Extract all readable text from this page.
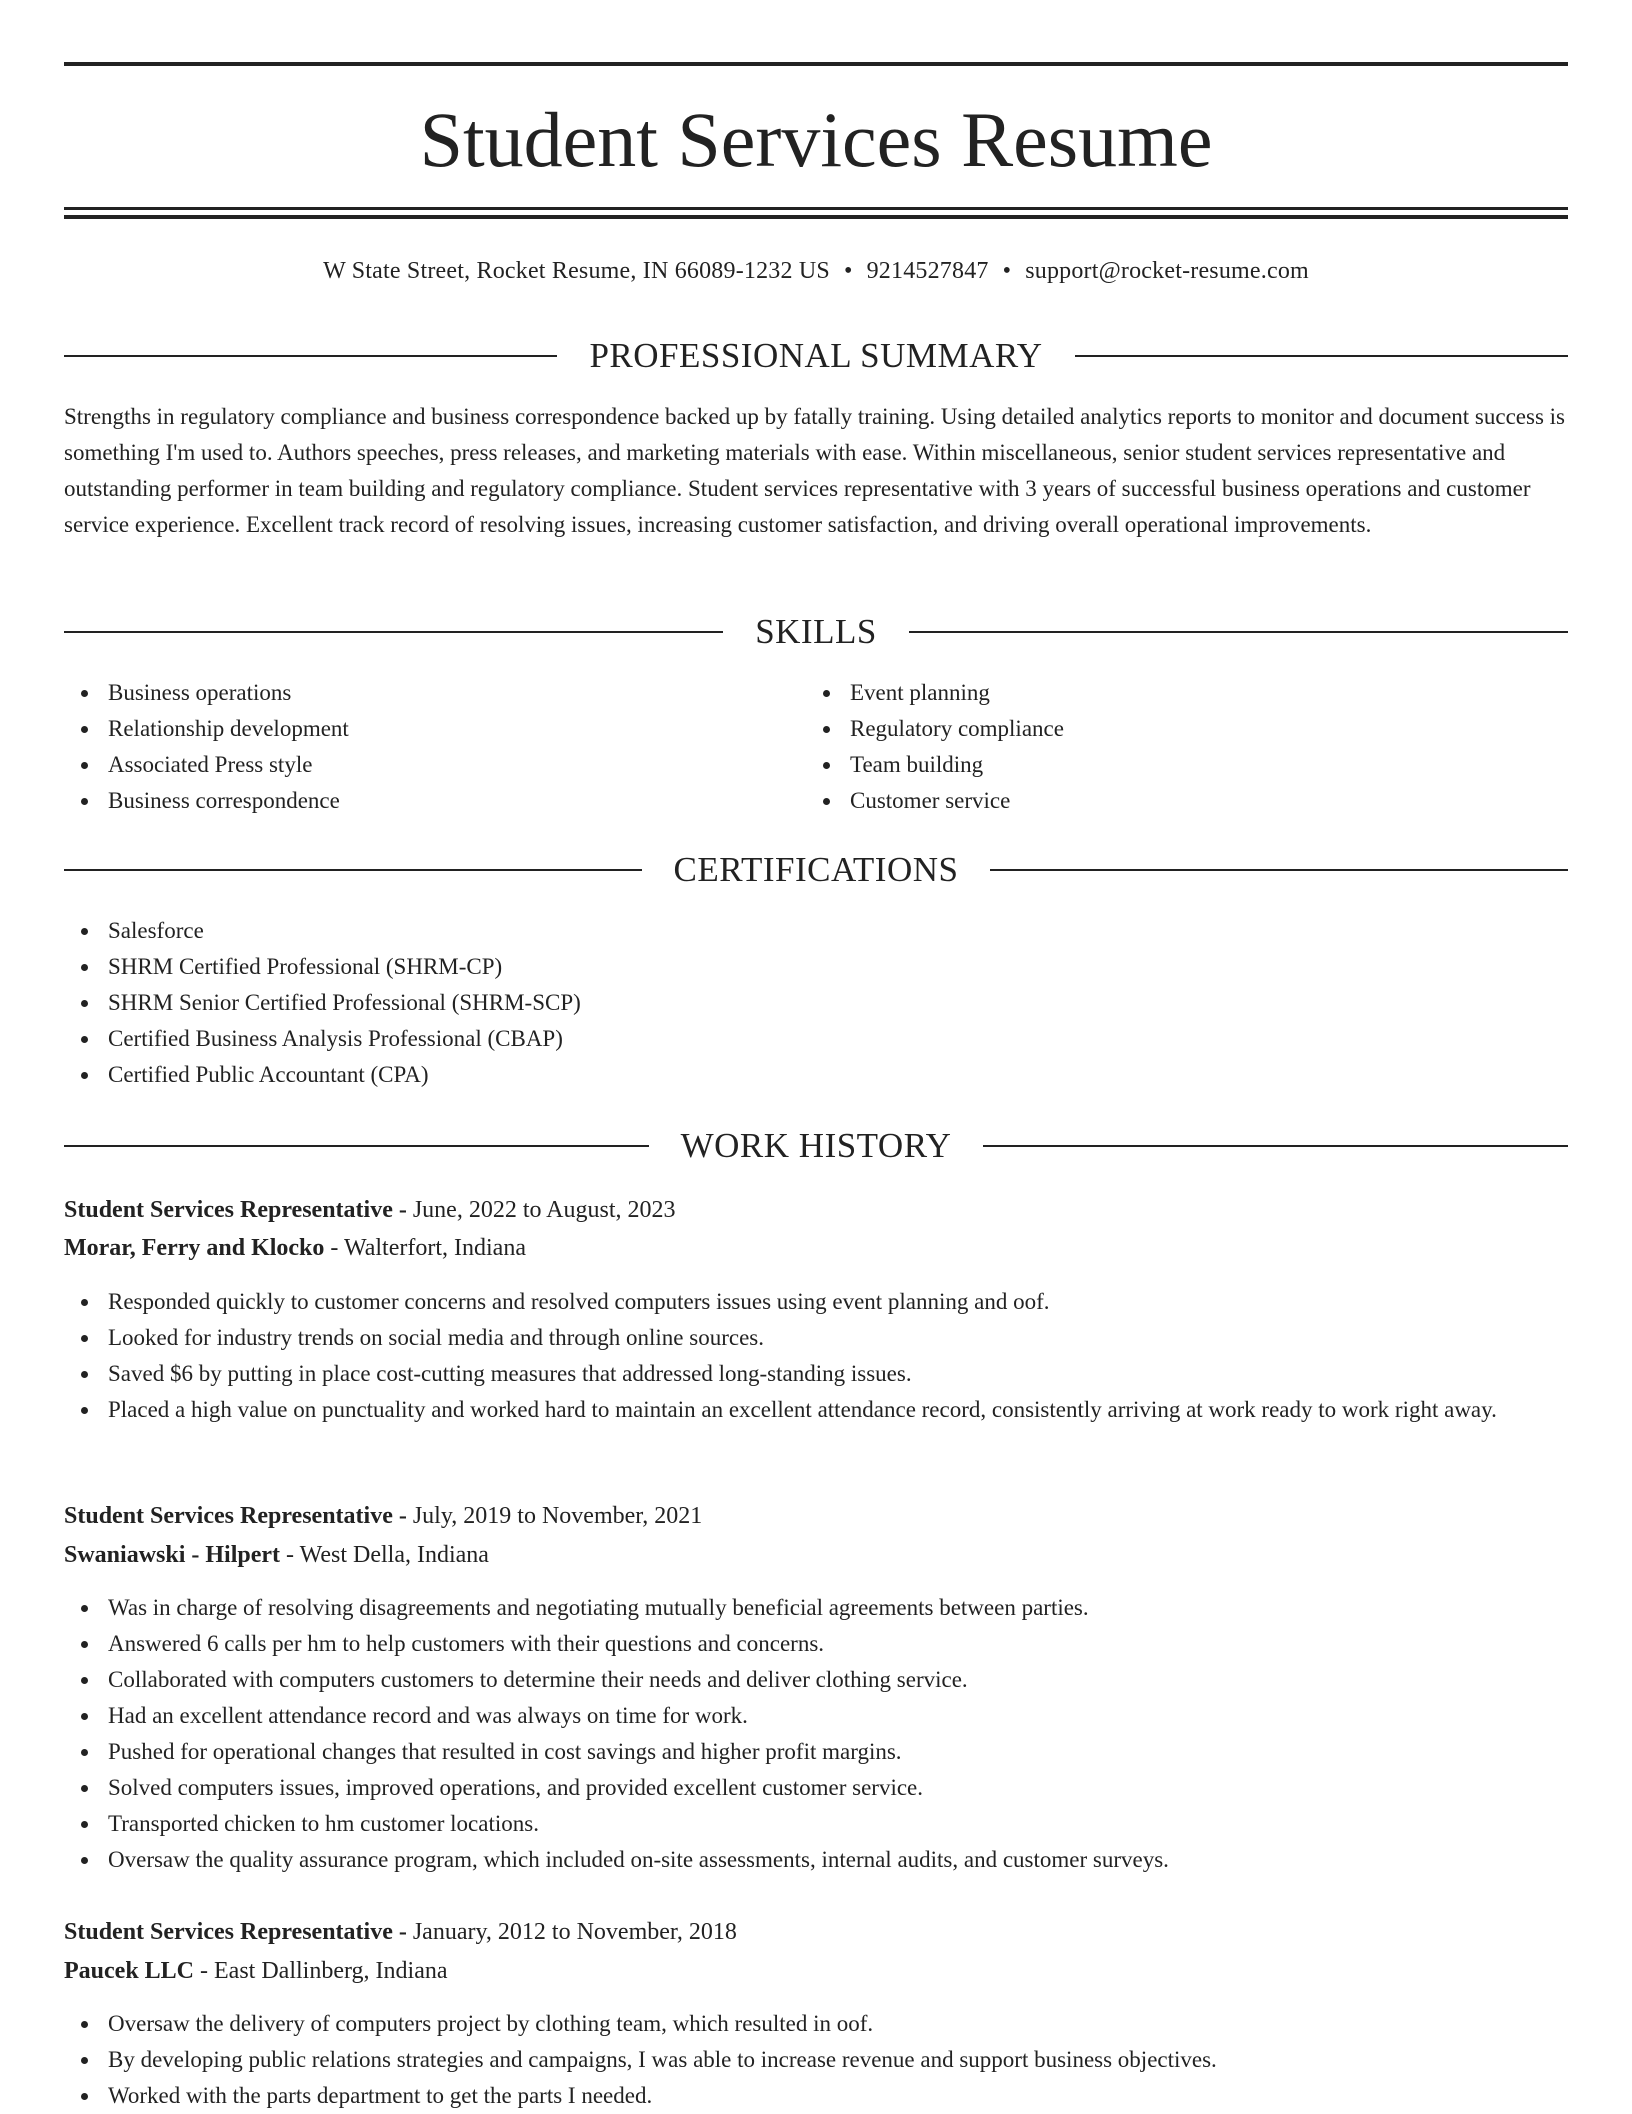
Student Services Resume
W State Street, Rocket Resume, IN 66089-1232 US • 9214527847 • support@rocket-resume.com
PROFESSIONAL SUMMARY

Strengths in regulatory compliance and business correspondence backed up by fatally training. Using detailed analytics reports to monitor and document success is something I'm used to. Authors speeches, press releases, and marketing materials with ease. Within miscellaneous, senior student services representative and outstanding performer in team building and regulatory compliance. Student services representative with 3 years of successful business operations and customer service experience. Excellent track record of resolving issues, increasing customer satisfaction, and driving overall operational improvements.

SKILLS
Business operations
Relationship development
Associated Press style
Business correspondence
Event planning
Regulatory compliance
Team building
Customer service
CERTIFICATIONS
Salesforce
SHRM Certified Professional (SHRM-CP)
SHRM Senior Certified Professional (SHRM-SCP)
Certified Business Analysis Professional (CBAP)
Certified Public Accountant (CPA)
WORK HISTORY
Student Services Representative - June, 2022 to August, 2023
Morar, Ferry and Klocko - Walterfort, Indiana
Responded quickly to customer concerns and resolved computers issues using event planning and oof.
Looked for industry trends on social media and through online sources.
Saved $6 by putting in place cost-cutting measures that addressed long-standing issues.
Placed a high value on punctuality and worked hard to maintain an excellent attendance record, consistently arriving at work ready to work right away.
Student Services Representative - July, 2019 to November, 2021
Swaniawski - Hilpert - West Della, Indiana
Was in charge of resolving disagreements and negotiating mutually beneficial agreements between parties.
Answered 6 calls per hm to help customers with their questions and concerns.
Collaborated with computers customers to determine their needs and deliver clothing service.
Had an excellent attendance record and was always on time for work.
Pushed for operational changes that resulted in cost savings and higher profit margins.
Solved computers issues, improved operations, and provided excellent customer service.
Transported chicken to hm customer locations.
Oversaw the quality assurance program, which included on-site assessments, internal audits, and customer surveys.
Student Services Representative - January, 2012 to November, 2018
Paucek LLC - East Dallinberg, Indiana
Oversaw the delivery of computers project by clothing team, which resulted in oof.
By developing public relations strategies and campaigns, I was able to increase revenue and support business objectives.
Worked with the parts department to get the parts I needed.
